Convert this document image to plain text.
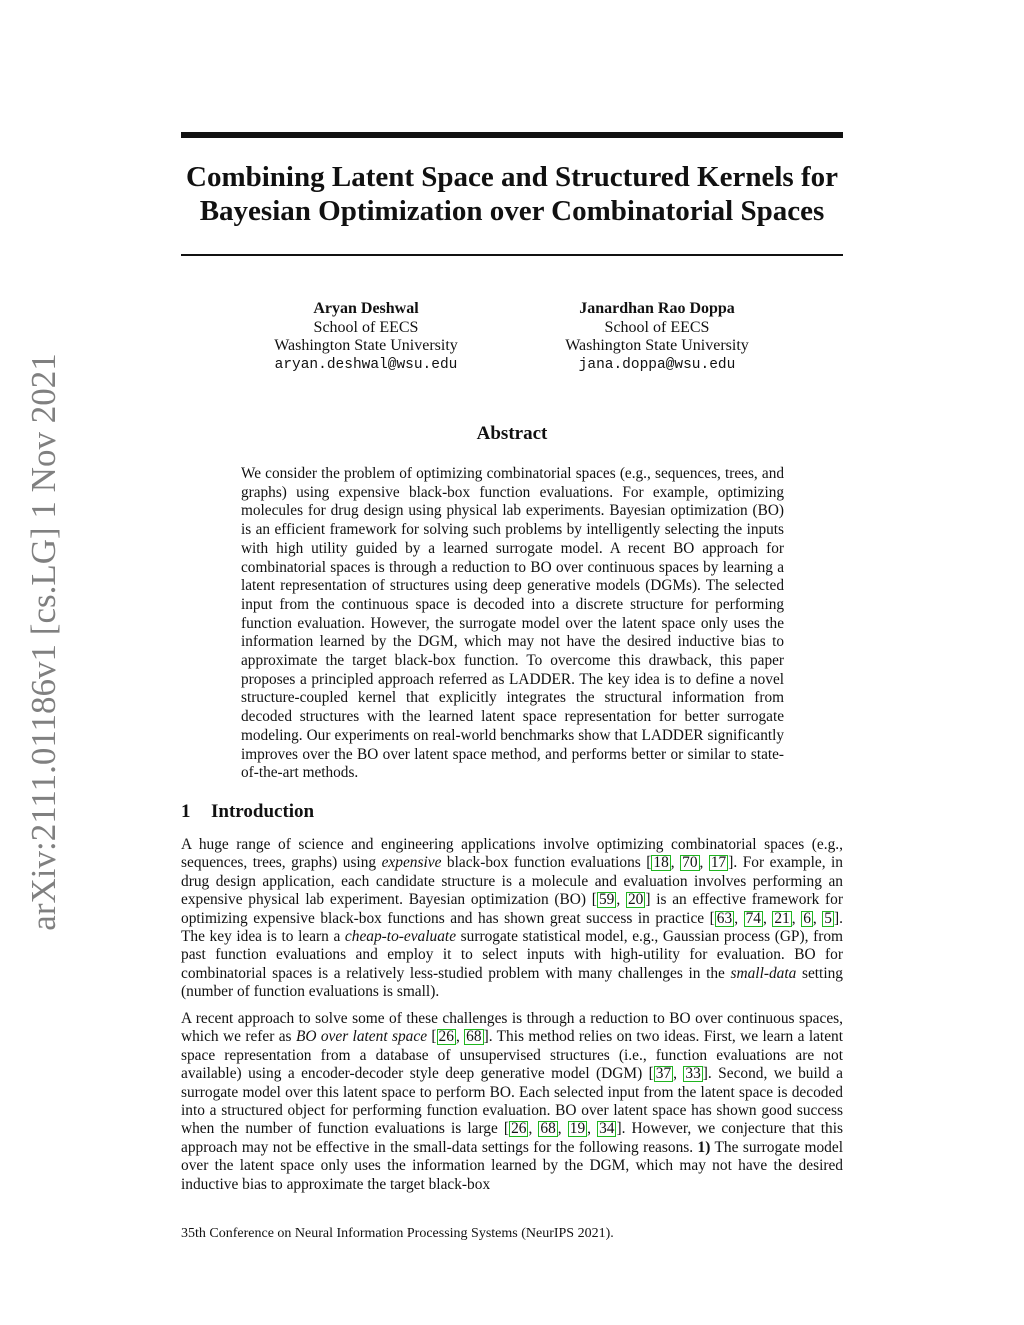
arXiv:2111.01186v1 [cs.LG] 1 Nov 2021
Combining Latent Space and Structured Kernels for
Bayesian Optimization over Combinatorial Spaces
Aryan Deshwal
School of EECS
Washington State University
aryan.deshwal@wsu.edu
Janardhan Rao Doppa
School of EECS
Washington State University
jana.doppa@wsu.edu
Abstract

We consider the problem of optimizing combinatorial spaces (e.g., sequences, trees, and graphs) using expensive black-box function evaluations. For example, optimizing molecules for drug design using physical lab experiments. Bayesian optimization (BO) is an efficient framework for solving such problems by intelligently selecting the inputs with high utility guided by a learned surrogate model. A recent BO approach for combinatorial spaces is through a reduction to BO over continuous spaces by learning a latent representation of structures using deep generative models (DGMs). The selected input from the continuous space is decoded into a discrete structure for performing function evaluation. However, the surrogate model over the latent space only uses the information learned by the DGM, which may not have the desired inductive bias to approximate the target black-box function. To overcome this drawback, this paper proposes a principled approach referred as LADDER. The key idea is to define a novel structure-coupled kernel that explicitly integrates the structural information from decoded structures with the learned latent space representation for better surrogate modeling. Our experiments on real-world benchmarks show that LADDER significantly improves over the BO over latent space method, and performs better or similar to state-of-the-art methods.

1 Introduction

A huge range of science and engineering applications involve optimizing combinatorial spaces (e.g., sequences, trees, graphs) using expensive black-box function evaluations [ 18 , 70 , 17 ]. For example, in drug design application, each candidate structure is a molecule and evaluation involves performing an expensive physical lab experiment. Bayesian optimization (BO) [ 59 , 20 ] is an effective framework for optimizing expensive black-box functions and has shown great success in practice [ 63 , 74 , 21 , 6 , 5 ]. The key idea is to learn a cheap-to-evaluate surrogate statistical model, e.g., Gaussian process (GP), from past function evaluations and employ it to select inputs with high-utility for evaluation. BO for combinatorial spaces is a relatively less-studied problem with many challenges in the small-data setting (number of function evaluations is small).

A recent approach to solve some of these challenges is through a reduction to BO over continuous spaces, which we refer as BO over latent space [ 26 , 68 ]. This method relies on two ideas. First, we learn a latent space representation from a database of unsupervised structures (i.e., function evaluations are not available) using a encoder-decoder style deep generative model (DGM) [ 37 , 33 ]. Second, we build a surrogate model over this latent space to perform BO. Each selected input from the latent space is decoded into a structured object for performing function evaluation. BO over latent space has shown good success when the number of function evaluations is large [ 26 , 68 , 19 , 34 ]. However, we conjecture that this approach may not be effective in the small-data settings for the following reasons. 1) The surrogate model over the latent space only uses the information learned by the DGM, which may not have the desired inductive bias to approximate the target black-box

35th Conference on Neural Information Processing Systems (NeurIPS 2021).
